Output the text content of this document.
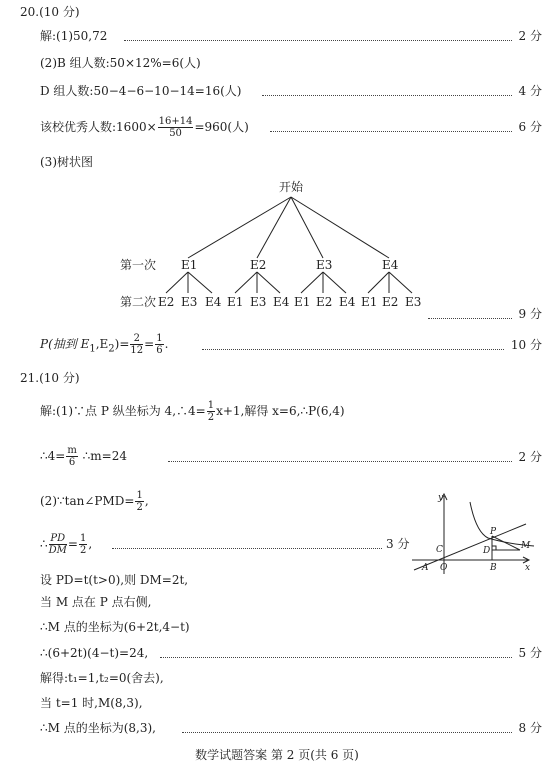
20.(10 分)
解:(1)50,72	2 分
(2)B 组人数:50×12%=6(人)
D 组人数:50−4−6−10−14=16(人)	4 分
该校优秀人数:1600× $\frac{16+14}{50} =960$(人)	6 分
(3)树状图
开始
第一次
第二次
E1	E2	E3	E4
E2 E3 E4 E1 E3 E4 E1 E2 E4 E1 E2 E3
9 分
P(抽到 $E_1,E_2)= \frac{2}{12} = \frac{1}{6}$ .	10 分
21.(10 分)
解:(1)∵点 P 纵坐标为 4,∴4= $\frac{1}{2} x+1$,解得 x=6,∴P(6,4)
∴4= $\frac{m}{6}$ ∴m=24	2 分
(2)∵tan∠PMD= $\frac{1}{2}$ ,
∴ $\frac{PD}{DM} = \frac{1}{2}$ ,	3 分
y
x
P
M
C	D
A O	B
设 PD=t(t>0),则 DM=2t,
当 M 点在 P 点右侧,
∴M 点的坐标为(6+2t,4−t)
∴(6+2t)(4−t)=24,	5 分
解得:t₁=1,t₂=0(舍去),
当 t=1 时,M(8,3),
∴M 点的坐标为(8,3),	8 分
数学试题答案 第 2 页(共 6 页)
